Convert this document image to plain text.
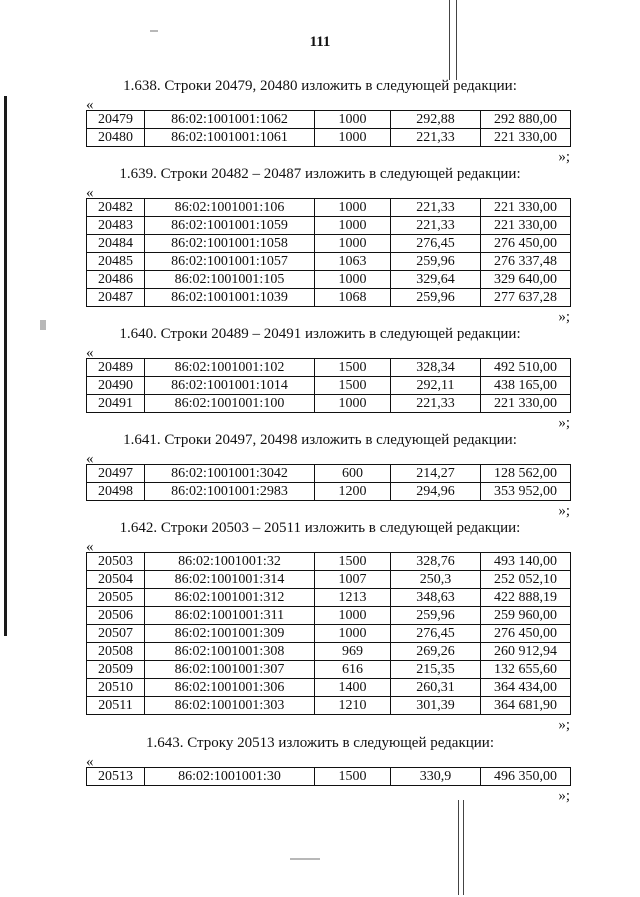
111
1.638. Строки 20479, 20480 изложить в следующей редакции:
«
20479	86:02:1001001:1062	1000	292,88	292 880,00
20480	86:02:1001001:1061	1000	221,33	221 330,00
»;
1.639. Строки 20482 – 20487 изложить в следующей редакции:
«
20482	86:02:1001001:106	1000	221,33	221 330,00
20483	86:02:1001001:1059	1000	221,33	221 330,00
20484	86:02:1001001:1058	1000	276,45	276 450,00
20485	86:02:1001001:1057	1063	259,96	276 337,48
20486	86:02:1001001:105	1000	329,64	329 640,00
20487	86:02:1001001:1039	1068	259,96	277 637,28
»;
1.640. Строки 20489 – 20491 изложить в следующей редакции:
«
20489	86:02:1001001:102	1500	328,34	492 510,00
20490	86:02:1001001:1014	1500	292,11	438 165,00
20491	86:02:1001001:100	1000	221,33	221 330,00
»;
1.641. Строки 20497, 20498 изложить в следующей редакции:
«
20497	86:02:1001001:3042	600	214,27	128 562,00
20498	86:02:1001001:2983	1200	294,96	353 952,00
»;
1.642. Строки 20503 – 20511 изложить в следующей редакции:
«
20503	86:02:1001001:32	1500	328,76	493 140,00
20504	86:02:1001001:314	1007	250,3	252 052,10
20505	86:02:1001001:312	1213	348,63	422 888,19
20506	86:02:1001001:311	1000	259,96	259 960,00
20507	86:02:1001001:309	1000	276,45	276 450,00
20508	86:02:1001001:308	969	269,26	260 912,94
20509	86:02:1001001:307	616	215,35	132 655,60
20510	86:02:1001001:306	1400	260,31	364 434,00
20511	86:02:1001001:303	1210	301,39	364 681,90
»;
1.643. Строку 20513 изложить в следующей редакции:
«
20513	86:02:1001001:30	1500	330,9	496 350,00
»;
